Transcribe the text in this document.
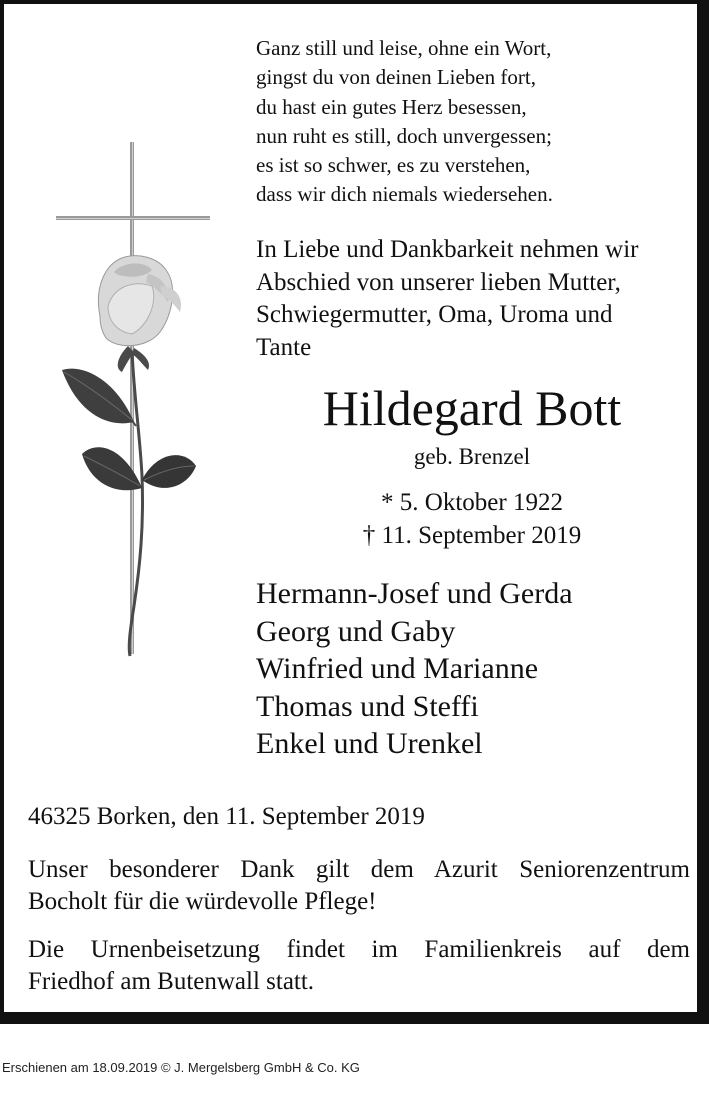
Ganz still und leise, ohne ein Wort,
gingst du von deinen Lieben fort,
du hast ein gutes Herz besessen,
nun ruht es still, doch unvergessen;
es ist so schwer, es zu verstehen,
dass wir dich niemals wiedersehen.
In Liebe und Dankbarkeit nehmen wir
Abschied von unserer lieben Mutter,
Schwiegermutter, Oma, Uroma und
Tante
Hildegard Bott
geb. Brenzel
* 5. Oktober 1922
† 11. September 2019
Hermann-Josef und Gerda
Georg und Gaby
Winfried und Marianne
Thomas und Steffi
Enkel und Urenkel
46325 Borken, den 11. September 2019
Unser besonderer Dank gilt dem Azurit Seniorenzentrum
Bocholt für die würdevolle Pflege!
Die Urnenbeisetzung findet im Familienkreis auf dem
Friedhof am Butenwall statt.
Erschienen am 18.09.2019 © J. Mergelsberg GmbH & Co. KG
